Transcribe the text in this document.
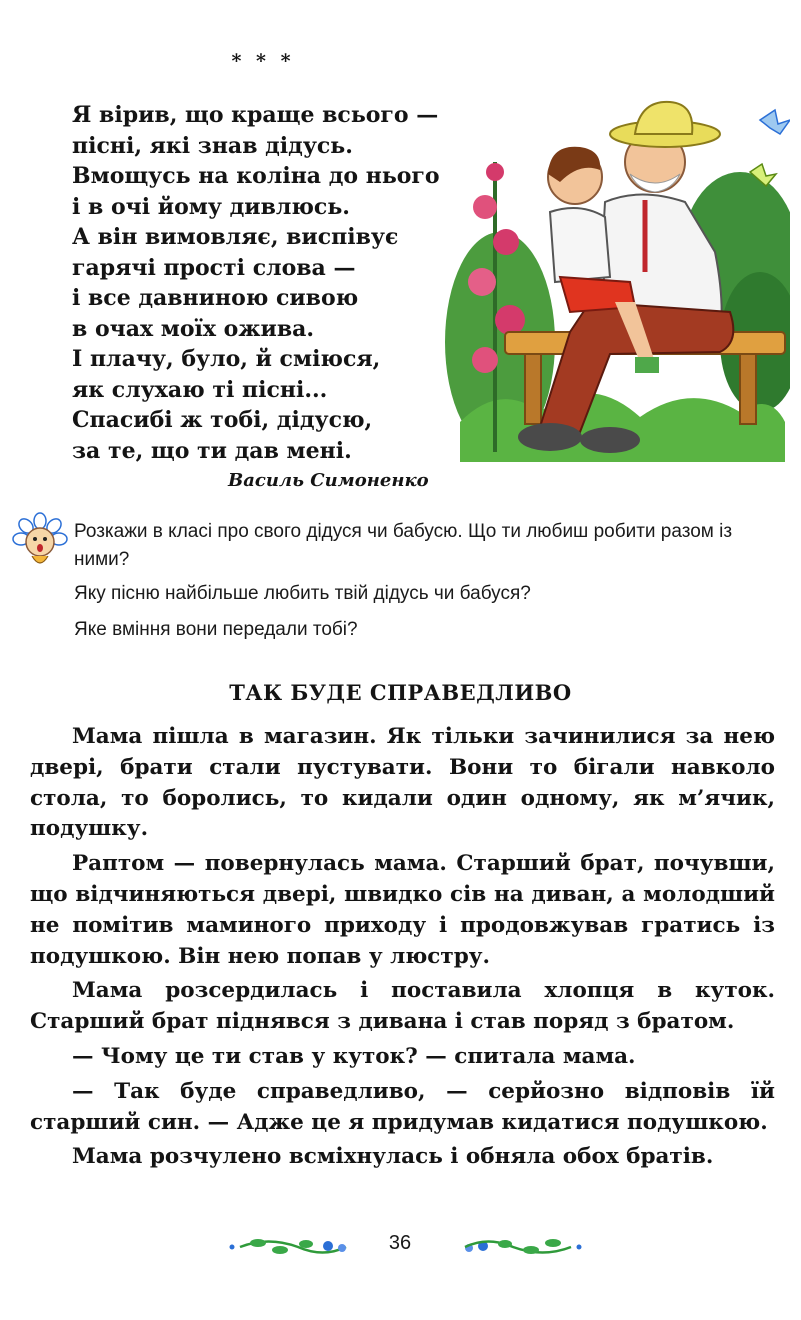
* * *
Я вірив, що краще всього —
пісні, які знав дідусь.
Вмощусь на коліна до нього
і в очі йому дивлюсь.
А він вимовляє, виспівує
гарячі прості слова —
і все давниною сивою
в очах моїх ожива.
І плачу, було, й сміюся,
як слухаю ті пісні...
Спасибі ж тобі, дідусю,
за те, що ти дав мені.
Василь Симоненко
Розкажи в класі про свого дідуся чи бабусю. Що ти любиш робити разом із ними?
Яку пісню найбільше любить твій дідусь чи бабуся?
Яке вміння вони передали тобі?
ТАК БУДЕ СПРАВЕДЛИВО

Мама пішла в магазин. Як тільки зачинилися за нею двері, брати стали пустувати. Вони то бігали навколо стола, то боролись, то кидали один одному, як м’ячик, подушку.

Раптом — повернулась мама. Старший брат, почувши, що відчиняються двері, швидко сів на диван, а молодший не помітив маминого приходу і продовжував гратись із подушкою. Він нею попав у люстру.

Мама розсердилась і поставила хлопця в куток. Старший брат піднявся з дивана і став поряд з братом.

— Чому це ти став у куток? — спитала мама.

— Так буде справедливо, — серйозно відповів їй старший син. — Адже це я придумав кидатися подушкою.

Мама розчулено всміхнулась і обняла обох братів.

36
